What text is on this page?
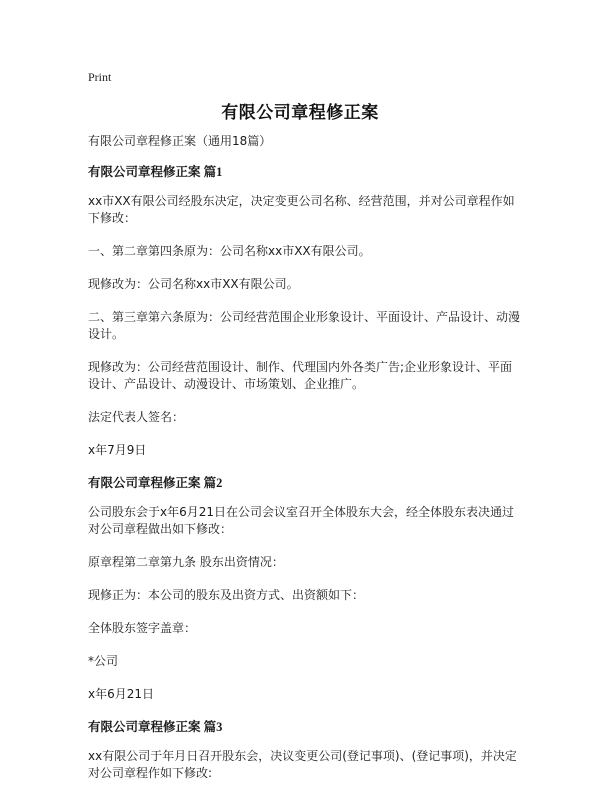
Print
有限公司章程修正案

有限公司章程修正案（通用18篇）

有限公司章程修正案 篇1

xx市XX有限公司经股东决定，决定变更公司名称、经营范围，并对公司章程作如下修改：

一、第二章第四条原为：公司名称xx市XX有限公司。

现修改为：公司名称xx市XX有限公司。

二、第三章第六条原为：公司经营范围企业形象设计、平面设计、产品设计、动漫设计。

现修改为：公司经营范围设计、制作、代理国内外各类广告;企业形象设计、平面设计、产品设计、动漫设计、市场策划、企业推广。

法定代表人签名：

x年7月9日

有限公司章程修正案 篇2

公司股东会于x年6月21日在公司会议室召开全体股东大会，经全体股东表决通过对公司章程做出如下修改：

原章程第二章第九条 股东出资情况：

现修正为：本公司的股东及出资方式、出资额如下：

全体股东签字盖章：

*公司

x年6月21日

有限公司章程修正案 篇3

xx有限公司于年月日召开股东会，决议变更公司(登记事项)、(登记事项)，并决定对公司章程作如下修改:
